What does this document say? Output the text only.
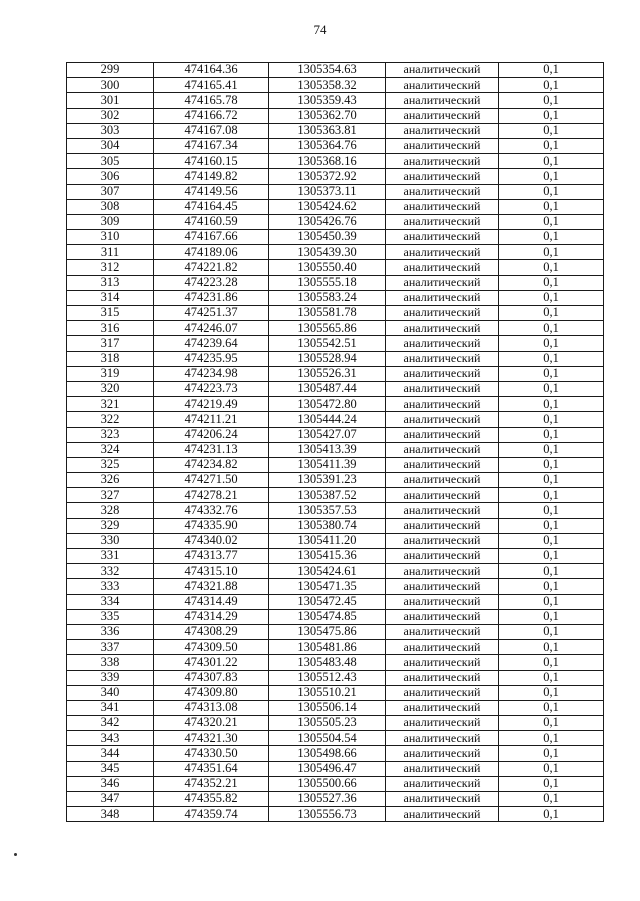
74
299	474164.36	1305354.63	аналитический	0,1
300	474165.41	1305358.32	аналитический	0,1
301	474165.78	1305359.43	аналитический	0,1
302	474166.72	1305362.70	аналитический	0,1
303	474167.08	1305363.81	аналитический	0,1
304	474167.34	1305364.76	аналитический	0,1
305	474160.15	1305368.16	аналитический	0,1
306	474149.82	1305372.92	аналитический	0,1
307	474149.56	1305373.11	аналитический	0,1
308	474164.45	1305424.62	аналитический	0,1
309	474160.59	1305426.76	аналитический	0,1
310	474167.66	1305450.39	аналитический	0,1
311	474189.06	1305439.30	аналитический	0,1
312	474221.82	1305550.40	аналитический	0,1
313	474223.28	1305555.18	аналитический	0,1
314	474231.86	1305583.24	аналитический	0,1
315	474251.37	1305581.78	аналитический	0,1
316	474246.07	1305565.86	аналитический	0,1
317	474239.64	1305542.51	аналитический	0,1
318	474235.95	1305528.94	аналитический	0,1
319	474234.98	1305526.31	аналитический	0,1
320	474223.73	1305487.44	аналитический	0,1
321	474219.49	1305472.80	аналитический	0,1
322	474211.21	1305444.24	аналитический	0,1
323	474206.24	1305427.07	аналитический	0,1
324	474231.13	1305413.39	аналитический	0,1
325	474234.82	1305411.39	аналитический	0,1
326	474271.50	1305391.23	аналитический	0,1
327	474278.21	1305387.52	аналитический	0,1
328	474332.76	1305357.53	аналитический	0,1
329	474335.90	1305380.74	аналитический	0,1
330	474340.02	1305411.20	аналитический	0,1
331	474313.77	1305415.36	аналитический	0,1
332	474315.10	1305424.61	аналитический	0,1
333	474321.88	1305471.35	аналитический	0,1
334	474314.49	1305472.45	аналитический	0,1
335	474314.29	1305474.85	аналитический	0,1
336	474308.29	1305475.86	аналитический	0,1
337	474309.50	1305481.86	аналитический	0,1
338	474301.22	1305483.48	аналитический	0,1
339	474307.83	1305512.43	аналитический	0,1
340	474309.80	1305510.21	аналитический	0,1
341	474313.08	1305506.14	аналитический	0,1
342	474320.21	1305505.23	аналитический	0,1
343	474321.30	1305504.54	аналитический	0,1
344	474330.50	1305498.66	аналитический	0,1
345	474351.64	1305496.47	аналитический	0,1
346	474352.21	1305500.66	аналитический	0,1
347	474355.82	1305527.36	аналитический	0,1
348	474359.74	1305556.73	аналитический	0,1
